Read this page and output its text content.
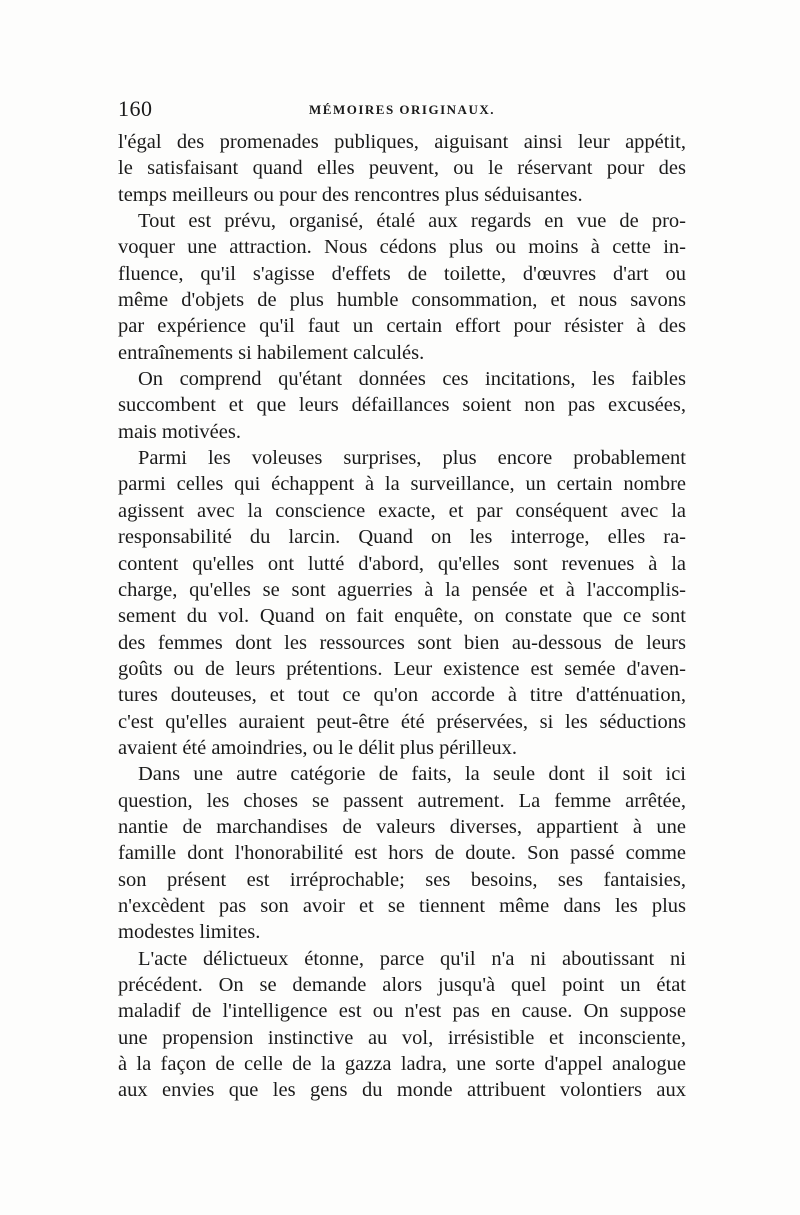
160	MÉMOIRES ORIGINAUX.
l'égal des promenades publiques, aiguisant ainsi leur appétit,
le satisfaisant quand elles peuvent, ou le réservant pour des
temps meilleurs ou pour des rencontres plus séduisantes.
Tout est prévu, organisé, étalé aux regards en vue de pro-
voquer une attraction. Nous cédons plus ou moins à cette in-
fluence, qu'il s'agisse d'effets de toilette, d'œuvres d'art ou
même d'objets de plus humble consommation, et nous savons
par expérience qu'il faut un certain effort pour résister à des
entraînements si habilement calculés.
On comprend qu'étant données ces incitations, les faibles
succombent et que leurs défaillances soient non pas excusées,
mais motivées.
Parmi les voleuses surprises, plus encore probablement
parmi celles qui échappent à la surveillance, un certain nombre
agissent avec la conscience exacte, et par conséquent avec la
responsabilité du larcin. Quand on les interroge, elles ra-
content qu'elles ont lutté d'abord, qu'elles sont revenues à la
charge, qu'elles se sont aguerries à la pensée et à l'accomplis-
sement du vol. Quand on fait enquête, on constate que ce sont
des femmes dont les ressources sont bien au-dessous de leurs
goûts ou de leurs prétentions. Leur existence est semée d'aven-
tures douteuses, et tout ce qu'on accorde à titre d'atténuation,
c'est qu'elles auraient peut-être été préservées, si les séductions
avaient été amoindries, ou le délit plus périlleux.
Dans une autre catégorie de faits, la seule dont il soit ici
question, les choses se passent autrement. La femme arrêtée,
nantie de marchandises de valeurs diverses, appartient à une
famille dont l'honorabilité est hors de doute. Son passé comme
son présent est irréprochable; ses besoins, ses fantaisies,
n'excèdent pas son avoir et se tiennent même dans les plus
modestes limites.
L'acte délictueux étonne, parce qu'il n'a ni aboutissant ni
précédent. On se demande alors jusqu'à quel point un état
maladif de l'intelligence est ou n'est pas en cause. On suppose
une propension instinctive au vol, irrésistible et inconsciente,
à la façon de celle de la gazza ladra, une sorte d'appel analogue
aux envies que les gens du monde attribuent volontiers aux
